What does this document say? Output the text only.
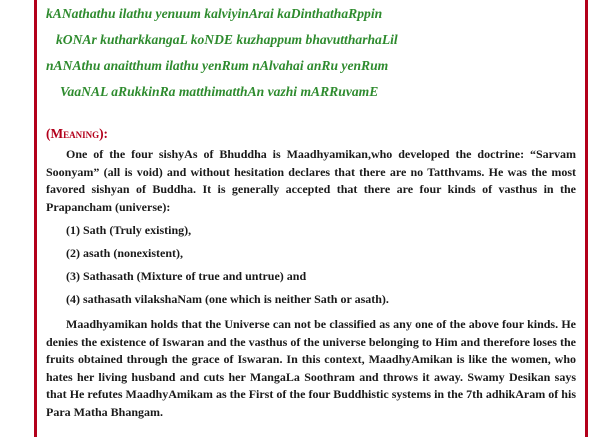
kANathathu ilathu yenuum kalviyinArai kaDinthathaRppin
kONAr kutharkkangaL koNDE kuzhappum bhavuttharhaLil
nANAthu anaitthum ilathu yenRum nAlvahai anRu yenRum
VaaNAL aRukkinRa matthimatthAn vazhi mARRuvamE
(Meaning):

One of the four sishyAs of Bhuddha is Maadhyamikan,who developed the doctrine: “Sarvam Soonyam” (all is void) and without hesitation declares that there are no Tatthvams. He was the most favored sishyan of Buddha. It is generally accepted that there are four kinds of vasthus in the Prapancham (universe):

(1) Sath (Truly existing),
(2) asath (nonexistent),
(3) Sathasath (Mixture of true and untrue) and
(4) sathasath vilakshaNam (one which is neither Sath or asath).

Maadhyamikan holds that the Universe can not be classified as any one of the above four kinds. He denies the existence of Iswaran and the vasthus of the universe belonging to Him and therefore loses the fruits obtained through the grace of Iswaran. In this context, MaadhyAmikan is like the women, who hates her living husband and cuts her MangaLa Soothram and throws it away. Swamy Desikan says that He refutes MaadhyAmikam as the First of the four Buddhistic systems in the 7th adhikAram of his Para Matha Bhangam.
